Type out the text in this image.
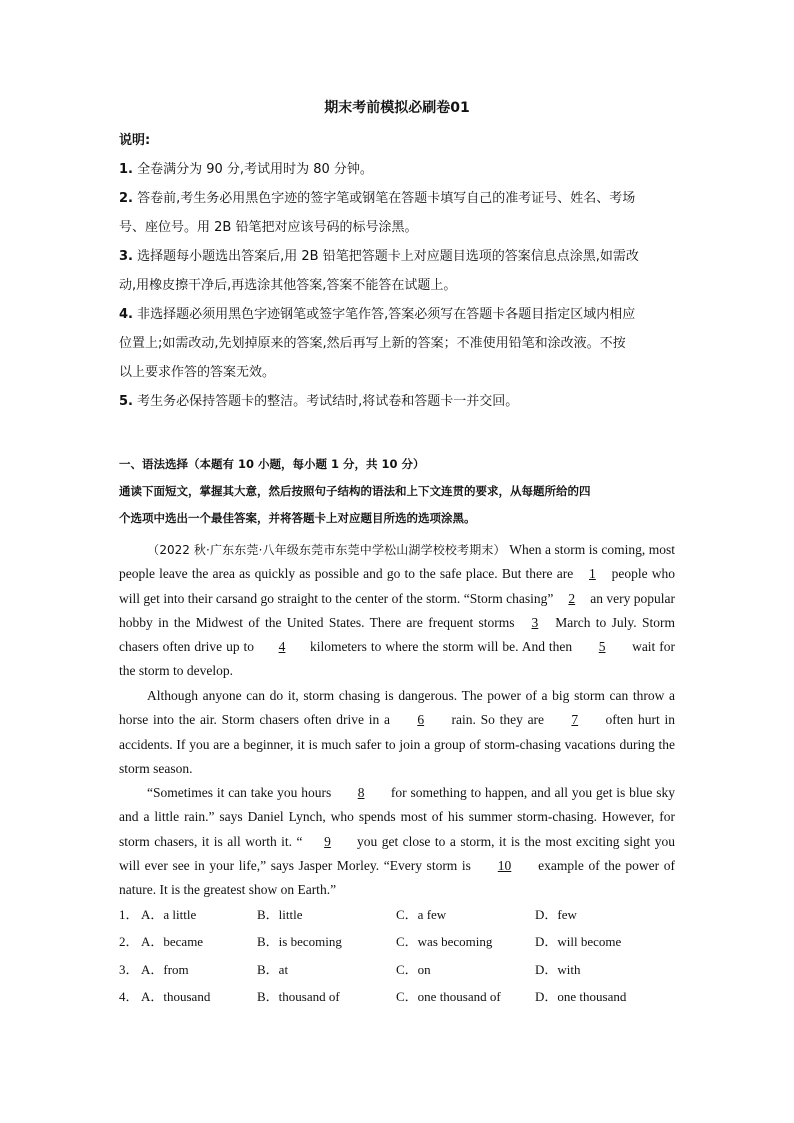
期末考前模拟必刷卷01
说明:
1. 全卷满分为 90 分,考试用时为 80 分钟。
2. 答卷前,考生务必用黑色字迹的签字笔或钢笔在答题卡填写自己的准考证号、姓名、考场
号、座位号。用 2B 铅笔把对应该号码的标号涂黑。
3. 选择题每小题选出答案后,用 2B 铅笔把答题卡上对应题目选项的答案信息点涂黑,如需改
动,用橡皮擦干净后,再选涂其他答案,答案不能答在试题上。
4. 非选择题必须用黑色字迹钢笔或签字笔作答,答案必须写在答题卡各题目指定区域内相应
位置上;如需改动,先划掉原来的答案,然后再写上新的答案；不准使用铅笔和涂改液。不按
以上要求作答的答案无效。
5. 考生务必保持答题卡的整洁。考试结时,将试卷和答题卡一并交回。
一、语法选择（本题有 10 小题，每小题 1 分，共 10 分）
通读下面短文，掌握其大意，然后按照句子结构的语法和上下文连贯的要求，从每题所给的四
个选项中选出一个最佳答案，并将答题卡上对应题目所选的选项涂黑。
（2022 秋·广东东莞·八年级东莞市东莞中学松山湖学校校考期末） When a storm is coming, most people leave the area as quickly as possible and go to the safe place. But there are 1 people who will get into their carsand go straight to the center of the storm. “Storm chasing” 2 an very popular hobby in the Midwest of the United States. There are frequent storms 3 March to July. Storm chasers often drive up to 4 kilometers to where the storm will be. And then 5 wait for the storm to develop.
Although anyone can do it, storm chasing is dangerous. The power of a big storm can throw a horse into the air. Storm chasers often drive in a 6 rain. So they are 7 often hurt in accidents. If you are a beginner, it is much safer to join a group of storm-chasing vacations during the storm season.
“Sometimes it can take you hours 8 for something to happen, and all you get is blue sky and a little rain.” says Daniel Lynch, who spends most of his summer storm-chasing. However, for storm chasers, it is all worth it. “ 9 you get close to a storm, it is the most exciting sight you will ever see in your life,” says Jasper Morley. “Every storm is 10 example of the power of nature. It is the greatest show on Earth.”
1． A．a little	B．little	C．a few	D．few
2． A．became	B．is becoming	C．was becoming	D．will become
3． A．from	B．at	C．on	D．with
4． A．thousand	B．thousand of	C．one thousand of	D．one thousand
